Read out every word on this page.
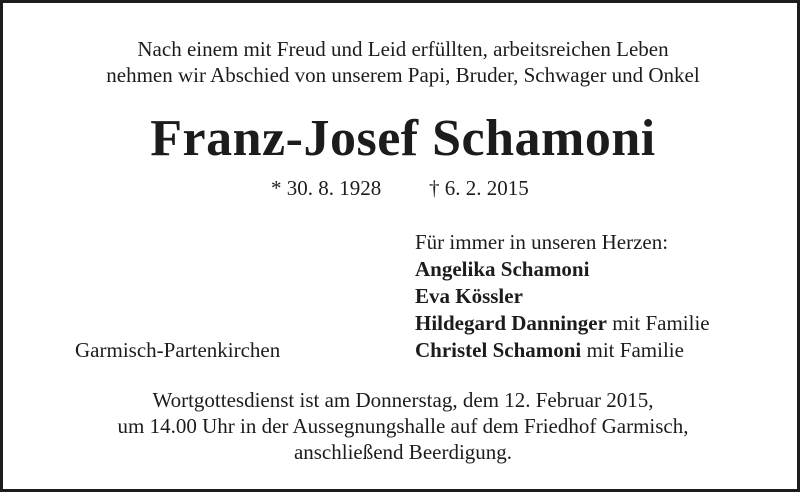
Nach einem mit Freud und Leid erfüllten, arbeitsreichen Leben
nehmen wir Abschied von unserem Papi, Bruder, Schwager und Onkel
Franz-Josef Schamoni
* 30. 8. 1928 † 6. 2. 2015
Für immer in unseren Herzen:
Angelika Schamoni
Eva Kössler
Hildegard Danninger mit Familie
Christel Schamoni mit Familie
Garmisch-Partenkirchen
Wortgottesdienst ist am Donnerstag, dem 12. Februar 2015,
um 14.00 Uhr in der Aussegnungshalle auf dem Friedhof Garmisch,
anschließend Beerdigung.
